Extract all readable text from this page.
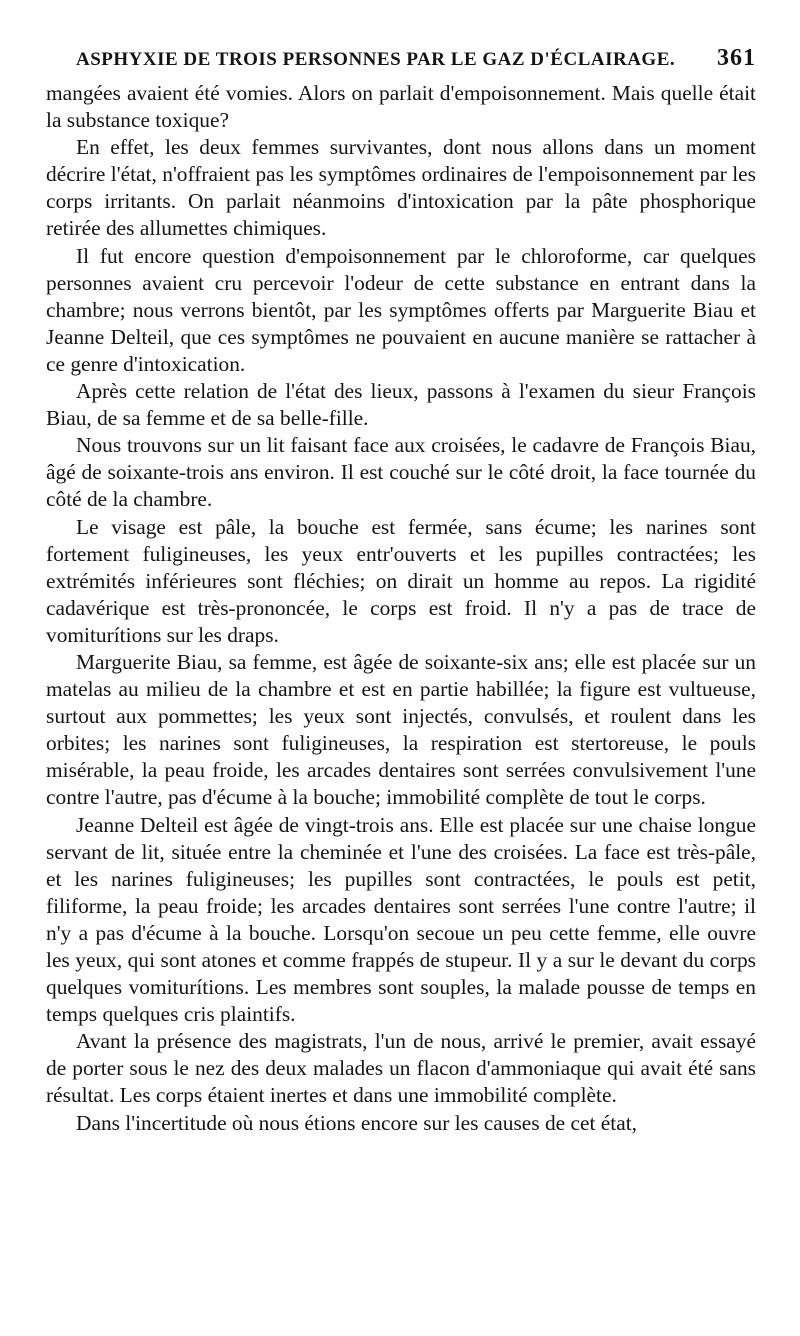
ASPHYXIE DE TROIS PERSONNES PAR LE GAZ D'ÉCLAIRAGE. 361

mangées avaient été vomies. Alors on parlait d'empoisonnement. Mais quelle était la substance toxique?

En effet, les deux femmes survivantes, dont nous allons dans un moment décrire l'état, n'offraient pas les symptômes ordinaires de l'empoisonnement par les corps irritants. On parlait néanmoins d'intoxication par la pâte phosphorique retirée des allumettes chimiques.

Il fut encore question d'empoisonnement par le chloroforme, car quelques personnes avaient cru percevoir l'odeur de cette substance en entrant dans la chambre; nous verrons bientôt, par les symptômes offerts par Marguerite Biau et Jeanne Delteil, que ces symptômes ne pouvaient en aucune manière se rattacher à ce genre d'intoxication.

Après cette relation de l'état des lieux, passons à l'examen du sieur François Biau, de sa femme et de sa belle-fille.

Nous trouvons sur un lit faisant face aux croisées, le cadavre de François Biau, âgé de soixante-trois ans environ. Il est couché sur le côté droit, la face tournée du côté de la chambre.

Le visage est pâle, la bouche est fermée, sans écume; les narines sont fortement fuligineuses, les yeux entr'ouverts et les pupilles contractées; les extrémités inférieures sont fléchies; on dirait un homme au repos. La rigidité cadavérique est très-prononcée, le corps est froid. Il n'y a pas de trace de vomiturítions sur les draps.

Marguerite Biau, sa femme, est âgée de soixante-six ans; elle est placée sur un matelas au milieu de la chambre et est en partie habillée; la figure est vultueuse, surtout aux pommettes; les yeux sont injectés, convulsés, et roulent dans les orbites; les narines sont fuligineuses, la respiration est stertoreuse, le pouls misérable, la peau froide, les arcades dentaires sont serrées convulsivement l'une contre l'autre, pas d'écume à la bouche; immobilité complète de tout le corps.

Jeanne Delteil est âgée de vingt-trois ans. Elle est placée sur une chaise longue servant de lit, située entre la cheminée et l'une des croisées. La face est très-pâle, et les narines fuligineuses; les pupilles sont contractées, le pouls est petit, filiforme, la peau froide; les arcades dentaires sont serrées l'une contre l'autre; il n'y a pas d'écume à la bouche. Lorsqu'on secoue un peu cette femme, elle ouvre les yeux, qui sont atones et comme frappés de stupeur. Il y a sur le devant du corps quelques vomiturítions. Les membres sont souples, la malade pousse de temps en temps quelques cris plaintifs.

Avant la présence des magistrats, l'un de nous, arrivé le premier, avait essayé de porter sous le nez des deux malades un flacon d'ammoniaque qui avait été sans résultat. Les corps étaient inertes et dans une immobilité complète.

Dans l'incertitude où nous étions encore sur les causes de cet état,
